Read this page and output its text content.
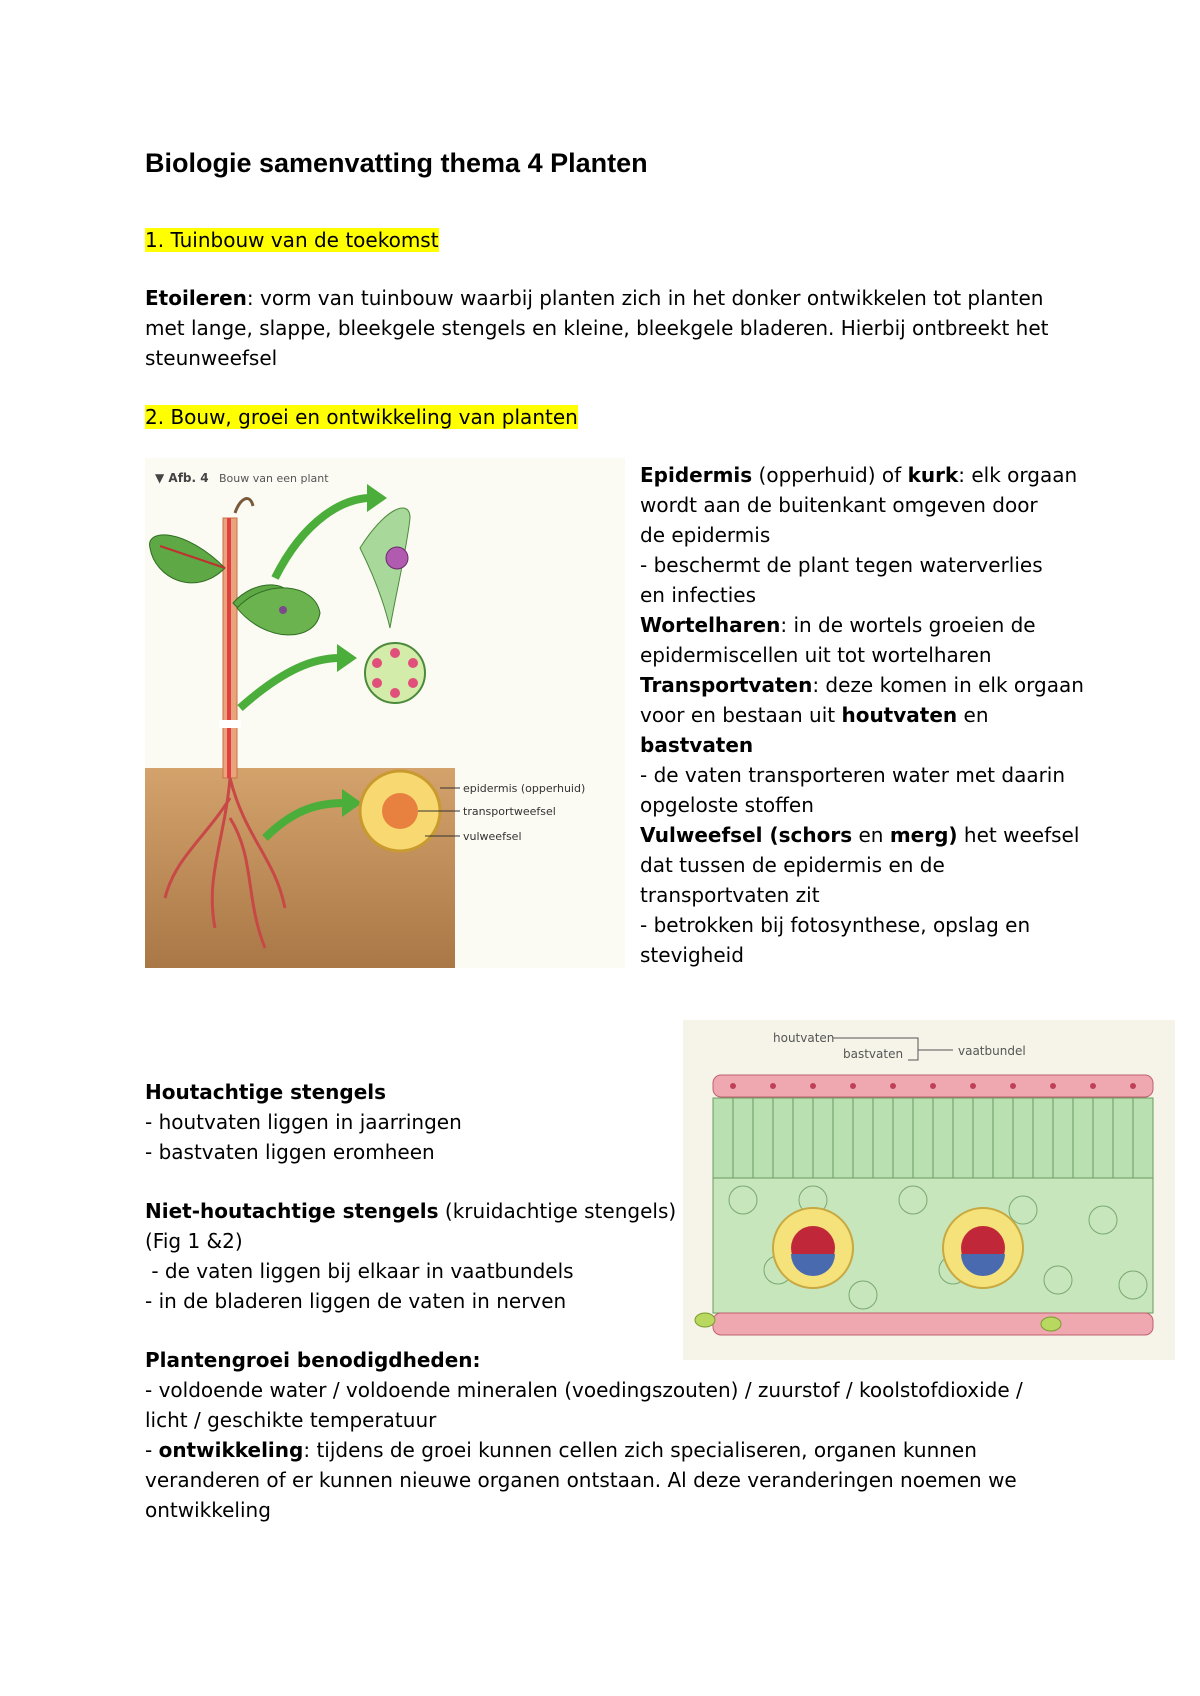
Biologie samenvatting thema 4 Planten
1. Tuinbouw van de toekomst
Etoileren: vorm van tuinbouw waarbij planten zich in het donker ontwikkelen tot planten
met lange, slappe, bleekgele stengels en kleine, bleekgele bladeren. Hierbij ontbreekt het
steunweefsel
2. Bouw, groei en ontwikkeling van planten
▼ Afb. 4 Bouw van een plant
epidermis (opperhuid)
transportweefsel
vulweefsel
Epidermis (opperhuid) of kurk: elk orgaan
wordt aan de buitenkant omgeven door
de epidermis
- beschermt de plant tegen waterverlies
en infecties
Wortelharen: in de wortels groeien de
epidermiscellen uit tot wortelharen
Transportvaten: deze komen in elk orgaan
voor en bestaan uit houtvaten en
bastvaten
- de vaten transporteren water met daarin
opgeloste stoffen
Vulweefsel (schors en merg) het weefsel
dat tussen de epidermis en de
transportvaten zit
- betrokken bij fotosynthese, opslag en
stevigheid
houtvaten
bastvaten	vaatbundel
Houtachtige stengels
- houtvaten liggen in jaarringen
- bastvaten liggen eromheen
Niet-houtachtige stengels (kruidachtige stengels)
(Fig 1 &2)
- de vaten liggen bij elkaar in vaatbundels
- in de bladeren liggen de vaten in nerven
Plantengroei benodigdheden:
- voldoende water / voldoende mineralen (voedingszouten) / zuurstof / koolstofdioxide /
licht / geschikte temperatuur
- ontwikkeling: tijdens de groei kunnen cellen zich specialiseren, organen kunnen
veranderen of er kunnen nieuwe organen ontstaan. Al deze veranderingen noemen we
ontwikkeling
